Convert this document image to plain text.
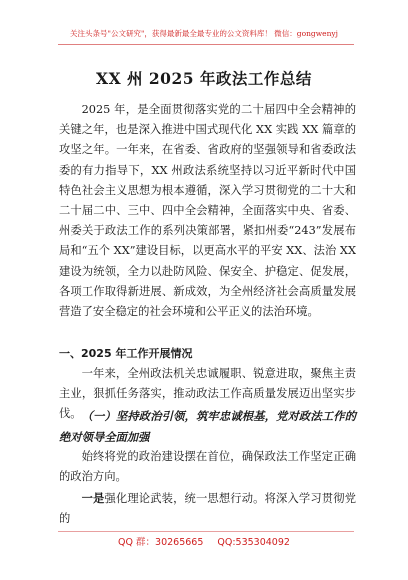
关注头条号"公文研究"，获得最新最全最专业的公文资料库！ 微信：gongwenyj
XX 州 2025 年政法工作总结
2025 年，是全面贯彻落实党的二十届四中全会精神的关键之年，也是深入推进中国式现代化 XX 实践 XX 篇章的攻坚之年。一年来，在省委、省政府的坚强领导和省委政法委的有力指导下，XX 州政法系统坚持以习近平新时代中国特色社会主义思想为根本遵循，深入学习贯彻党的二十大和二十届二中、三中、四中全会精神，全面落实中央、省委、州委关于政法工作的系列决策部署，紧扣州委“243”发展布局和“五个 XX”建设目标，以更高水平的平安 XX、法治 XX 建设为统领，全力以赴防风险、保安全、护稳定、促发展，各项工作取得新进展、新成效，为全州经济社会高质量发展营造了安全稳定的社会环境和公平正义的法治环境。
一、2025 年工作开展情况
一年来，全州政法机关忠诚履职、锐意进取，聚焦主责主业，狠抓任务落实，推动政法工作高质量发展迈出坚实步伐。 （一）坚持政治引领，筑牢忠诚根基，党对政法工作的绝对领导全面加强
始终将党的政治建设摆在首位，确保政法工作坚定正确的政治方向。
一是强化理论武装，统一思想行动。将深入学习贯彻党的
QQ 群：30265665 QQ:535304092
